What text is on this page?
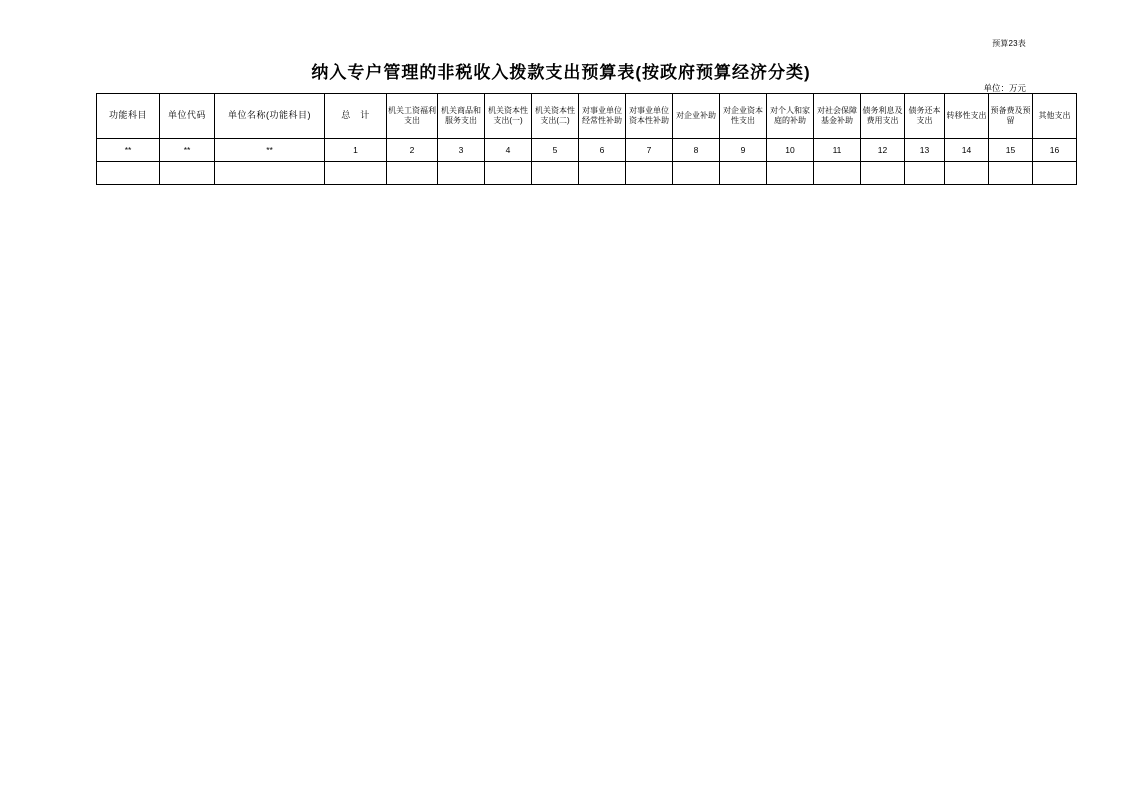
预算23表
纳入专户管理的非税收入拨款支出预算表(按政府预算经济分类)
单位：万元
功能科目	单位代码	单位名称(功能科目)	总　计	机关工资福利支出	机关商品和服务支出	机关资本性支出(一)	机关资本性支出(二)	对事业单位经常性补助	对事业单位资本性补助	对企业补助	对企业资本性支出	对个人和家庭的补助	对社会保障基金补助	债务利息及费用支出	债务还本支出	转移性支出	预备费及预留	其他支出
**	**	**	1	2	3	4	5	6	7	8	9	10	11	12	13	14	15	16
